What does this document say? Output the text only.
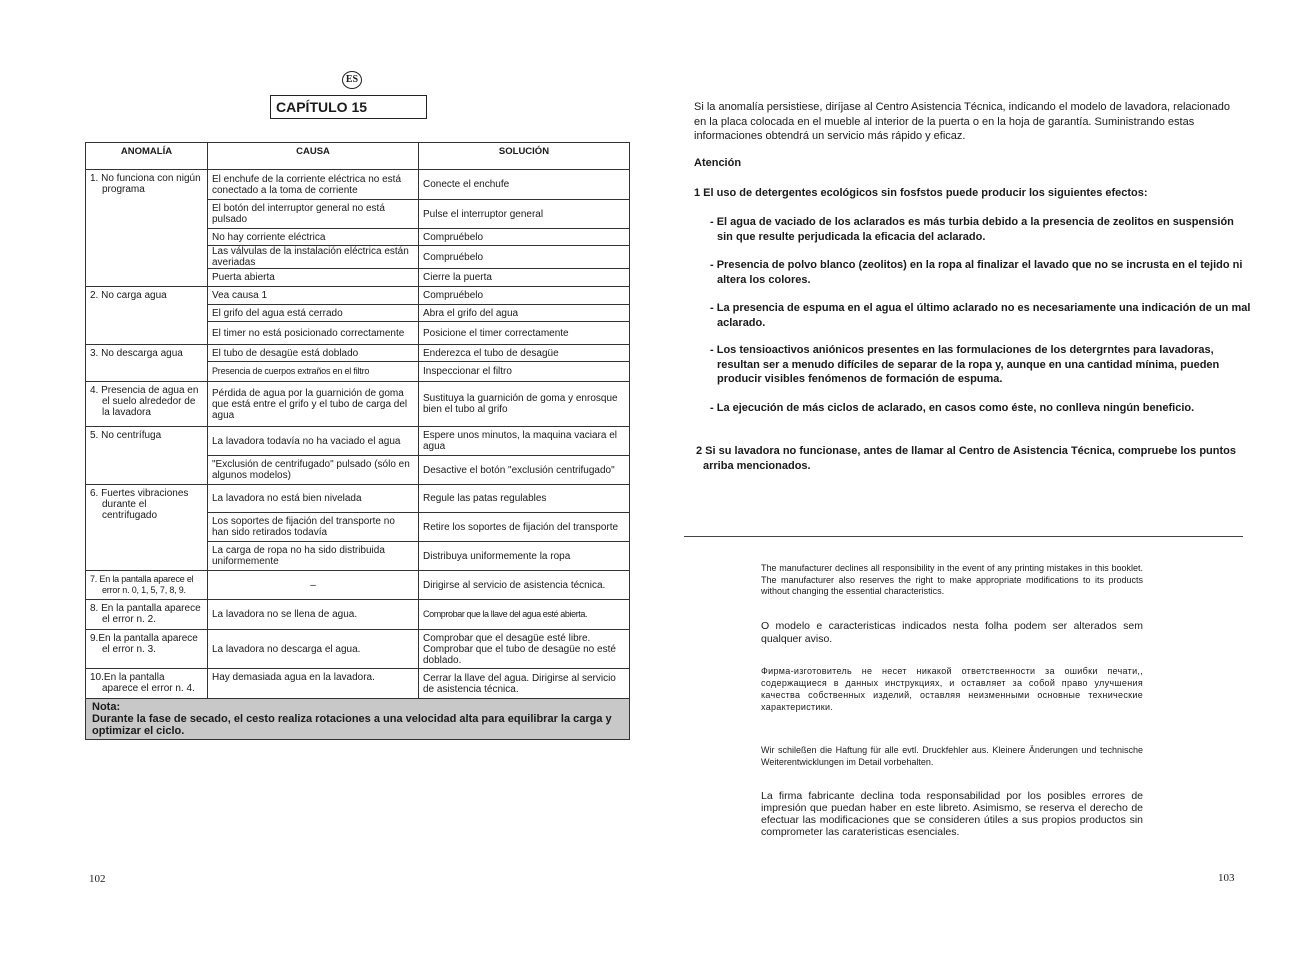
ES
CAPÍTULO 15
ANOMALÍA	CAUSA	SOLUCIÓN

1. No funciona con nigún programa	El enchufe de la corriente eléctrica no está conectado a la toma de corriente	Conecte el enchufe
	El botón del interruptor general no está pulsado	Pulse el interruptor general
	No hay corriente eléctrica	Compruébelo
	Las válvulas de la instalación eléctrica están averiadas	Compruébelo
	Puerta abierta	Cierre la puerta

2. No carga agua	Vea causa 1	Compruébelo
	El grifo del agua está cerrado	Abra el grifo del agua
	El timer no está posicionado correctamente	Posicione el timer correctamente

3. No descarga agua	El tubo de desagüe está doblado	Enderezca el tubo de desagüe
	Presencia de cuerpos extraños en el filtro	Inspeccionar el filtro

4. Presencia de agua en el suelo alrededor de la lavadora	Pérdida de agua por la guarnición de goma que está entre el grifo y el tubo de carga del agua	Sustituya la guarnición de goma y enrosque bien el tubo al grifo

5. No centrífuga	La lavadora todavía no ha vaciado el agua	Espere unos minutos, la maquina vaciara el agua
	"Exclusión de centrifugado" pulsado (sólo en algunos modelos)	Desactive el botón "exclusión centrifugado"

6. Fuertes vibraciones durante el centrifugado	La lavadora no está bien nivelada	Regule las patas regulables
	Los soportes de fijación del transporte no han sido retirados todavía	Retire los soportes de fijación del transporte
	La carga de ropa no ha sido distribuida uniformemente	Distribuya uniformemente la ropa

7. En la pantalla aparece el error n. 0, 1, 5, 7, 8, 9.	–	Dirigirse al servicio de asistencia técnica.

8. En la pantalla aparece el error n. 2.	La lavadora no se llena de agua.	Comprobar que la llave del agua esté abierta.

9.En la pantalla aparece el error n. 3.	La lavadora no descarga el agua.	Comprobar que el desagüe esté libre. Comprobar que el tubo de desagüe no esté doblado.

10.En la pantalla aparece el error n. 4.	Hay demasiada agua en la lavadora.	Cerrar la llave del agua. Dirigirse al servicio de asistencia técnica.

Nota:
Durante la fase de secado, el cesto realiza rotaciones a una velocidad alta para equilibrar la carga y optimizar el ciclo.		
102
Si la anomalía persistiese, diríjase al Centro Asistencia Técnica, indicando el modelo de lavadora, relacionado en la placa colocada en el mueble al interior de la puerta o en la hoja de garantía. Suministrando estas informaciones obtendrá un servicio más rápido y eficaz.
Atención
1 El uso de detergentes ecológicos sin fosfstos puede producir los siguientes efectos:
- El agua de vaciado de los aclarados es más turbia debido a la presencia de zeolitos en suspensión sin que resulte perjudicada la eficacia del aclarado.
- Presencia de polvo blanco (zeolitos) en la ropa al finalizar el lavado que no se incrusta en el tejido ni altera los colores.
- La presencia de espuma en el agua el último aclarado no es necesariamente una indicación de un mal aclarado.
- Los tensioactivos aniónicos presentes en las formulaciones de los detergrntes para lavadoras, resultan ser a menudo difíciles de separar de la ropa y, aunque en una cantidad mínima, pueden producir visibles fenómenos de formación de espuma.
- La ejecución de más ciclos de aclarado, en casos como éste, no conlleva ningún beneficio.
2 Si su lavadora no funcionase, antes de llamar al Centro de Asistencia Técnica, compruebe los puntos arriba mencionados.
The manufacturer declines all responsibility in the event of any printing mistakes in this booklet. The manufacturer also reserves the right to make appropriate modifications to its products without changing the essential characteristics.
O modelo e caracteristicas indicados nesta folha podem ser alterados sem qualquer aviso.
Фирма-изготовитель не несет никакой ответственности за ошибки печати,, содержащиеся в данных инструкциях, и оставляет за собой право улучшения качества собственных изделий, оставляя неизменными основные технические характеристики.
Wir schileßen die Haftung für alle evtl. Druckfehler aus. Kleinere Änderungen und technische Weiterentwicklungen im Detail vorbehalten.
La firma fabricante declina toda responsabilidad por los posibles errores de impresión que puedan haber en este libreto. Asimismo, se reserva el derecho de efectuar las modificaciones que se consideren útiles a sus propios productos sin comprometer las carateristicas esenciales.
103
